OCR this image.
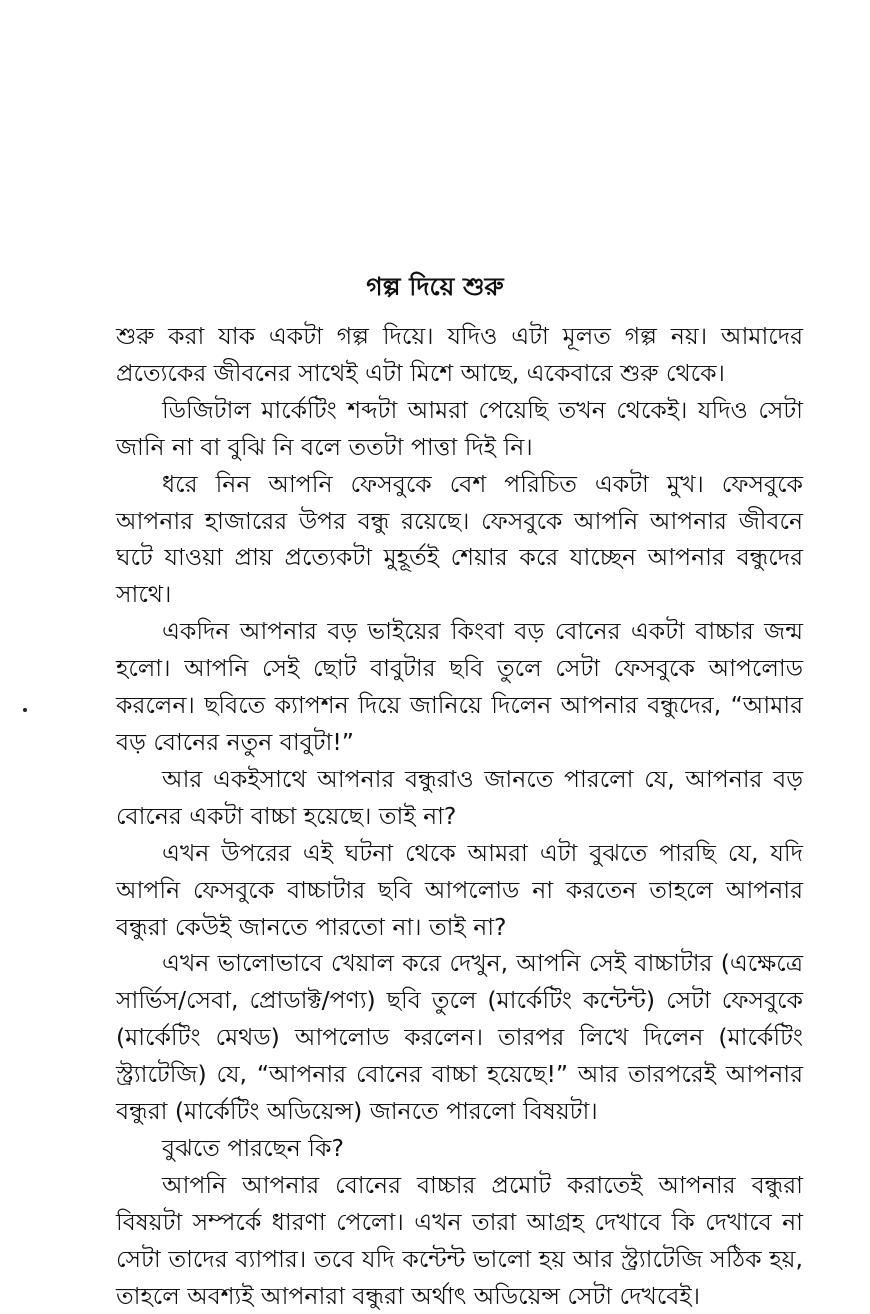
গল্প দিয়ে শুরু

শুরু করা যাক একটা গল্প দিয়ে। যদিও এটা মূলত গল্প নয়। আমাদের প্রত্যেকের জীবনের সাথেই এটা মিশে আছে, একেবারে শুরু থেকে।

ডিজিটাল মার্কেটিং শব্দটা আমরা পেয়েছি তখন থেকেই। যদিও সেটা জানি না বা বুঝি নি বলে ততটা পাত্তা দিই নি।

ধরে নিন আপনি ফেসবুকে বেশ পরিচিত একটা মুখ। ফেসবুকে আপনার হাজারের উপর বন্ধু রয়েছে। ফেসবুকে আপনি আপনার জীবনে ঘটে যাওয়া প্রায় প্রত্যেকটা মুহূর্তই শেয়ার করে যাচ্ছেন আপনার বন্ধুদের সাথে।

একদিন আপনার বড় ভাইয়ের কিংবা বড় বোনের একটা বাচ্চার জন্ম হলো। আপনি সেই ছোট বাবুটার ছবি তুলে সেটা ফেসবুকে আপলোড করলেন। ছবিতে ক্যাপশন দিয়ে জানিয়ে দিলেন আপনার বন্ধুদের, “আমার বড় বোনের নতুন বাবুটা!”

আর একইসাথে আপনার বন্ধুরাও জানতে পারলো যে, আপনার বড় বোনের একটা বাচ্চা হয়েছে। তাই না?

এখন উপরের এই ঘটনা থেকে আমরা এটা বুঝতে পারছি যে, যদি আপনি ফেসবুকে বাচ্চাটার ছবি আপলোড না করতেন তাহলে আপনার বন্ধুরা কেউই জানতে পারতো না। তাই না?

এখন ভালোভাবে খেয়াল করে দেখুন, আপনি সেই বাচ্চাটার (এক্ষেত্রে সার্ভিস/সেবা, প্রোডাক্ট/পণ্য) ছবি তুলে (মার্কেটিং কন্টেন্ট) সেটা ফেসবুকে (মার্কেটিং মেথড) আপলোড করলেন। তারপর লিখে দিলেন (মার্কেটিং স্ট্র্যাটেজি) যে, “আপনার বোনের বাচ্চা হয়েছে!” আর তারপরেই আপনার বন্ধুরা (মার্কেটিং অডিয়েন্স) জানতে পারলো বিষয়টা।

বুঝতে পারছেন কি?

আপনি আপনার বোনের বাচ্চার প্রমোট করাতেই আপনার বন্ধুরা বিষয়টা সম্পর্কে ধারণা পেলো। এখন তারা আগ্রহ দেখাবে কি দেখাবে না সেটা তাদের ব্যাপার। তবে যদি কন্টেন্ট ভালো হয় আর স্ট্র্যাটেজি সঠিক হয়, তাহলে অবশ্যই আপনারা বন্ধুরা অর্থাৎ অডিয়েন্স সেটা দেখবেই।
